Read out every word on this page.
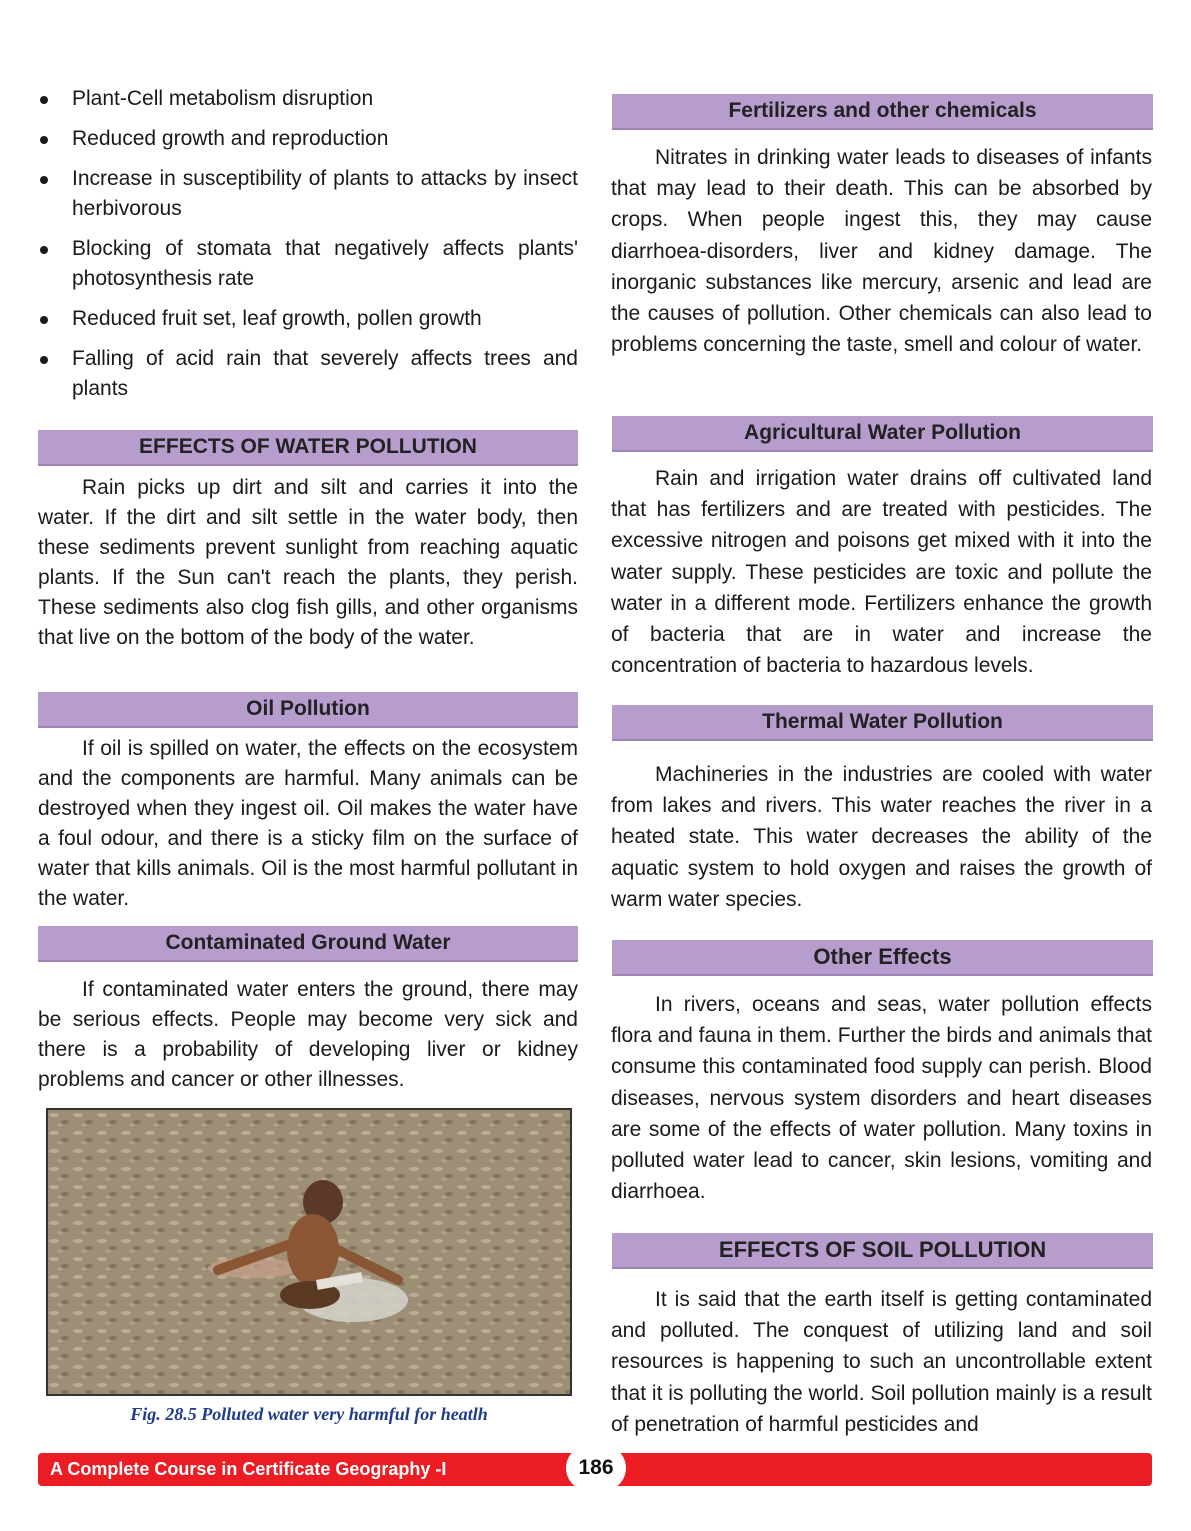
Plant-Cell metabolism disruption
Reduced growth and reproduction
Increase in susceptibility of plants to attacks by insect herbivorous
Blocking of stomata that negatively affects plants' photosynthesis rate
Reduced fruit set, leaf growth, pollen growth
Falling of acid rain that severely affects trees and plants
EFFECTS OF WATER POLLUTION

Rain picks up dirt and silt and carries it into the water. If the dirt and silt settle in the water body, then these sediments prevent sunlight from reaching aquatic plants. If the Sun can't reach the plants, they perish. These sediments also clog fish gills, and other organisms that live on the bottom of the body of the water.

Oil Pollution

If oil is spilled on water, the effects on the ecosystem and the components are harmful. Many animals can be destroyed when they ingest oil. Oil makes the water have a foul odour, and there is a sticky film on the surface of water that kills animals. Oil is the most harmful pollutant in the water.

Contaminated Ground Water

If contaminated water enters the ground, there may be serious effects. People may become very sick and there is a probability of developing liver or kidney problems and cancer or other illnesses.

Fig. 28.5 Polluted water very harmful for heatlh
Fertilizers and other chemicals

Nitrates in drinking water leads to diseases of infants that may lead to their death. This can be absorbed by crops. When people ingest this, they may cause diarrhoea-disorders, liver and kidney damage. The inorganic substances like mercury, arsenic and lead are the causes of pollution. Other chemicals can also lead to problems concerning the taste, smell and colour of water.

Agricultural Water Pollution

Rain and irrigation water drains off cultivated land that has fertilizers and are treated with pesticides. The excessive nitrogen and poisons get mixed with it into the water supply. These pesticides are toxic and pollute the water in a different mode. Fertilizers enhance the growth of bacteria that are in water and increase the concentration of bacteria to hazardous levels.

Thermal Water Pollution

Machineries in the industries are cooled with water from lakes and rivers. This water reaches the river in a heated state. This water decreases the ability of the aquatic system to hold oxygen and raises the growth of warm water species.

Other Effects

In rivers, oceans and seas, water pollution effects flora and fauna in them. Further the birds and animals that consume this contaminated food supply can perish. Blood diseases, nervous system disorders and heart diseases are some of the effects of water pollution. Many toxins in polluted water lead to cancer, skin lesions, vomiting and diarrhoea.

EFFECTS OF SOIL POLLUTION

It is said that the earth itself is getting contaminated and polluted. The conquest of utilizing land and soil resources is happening to such an uncontrollable extent that it is polluting the world. Soil pollution mainly is a result of penetration of harmful pesticides and

A Complete Course in Certificate Geography -I	186
